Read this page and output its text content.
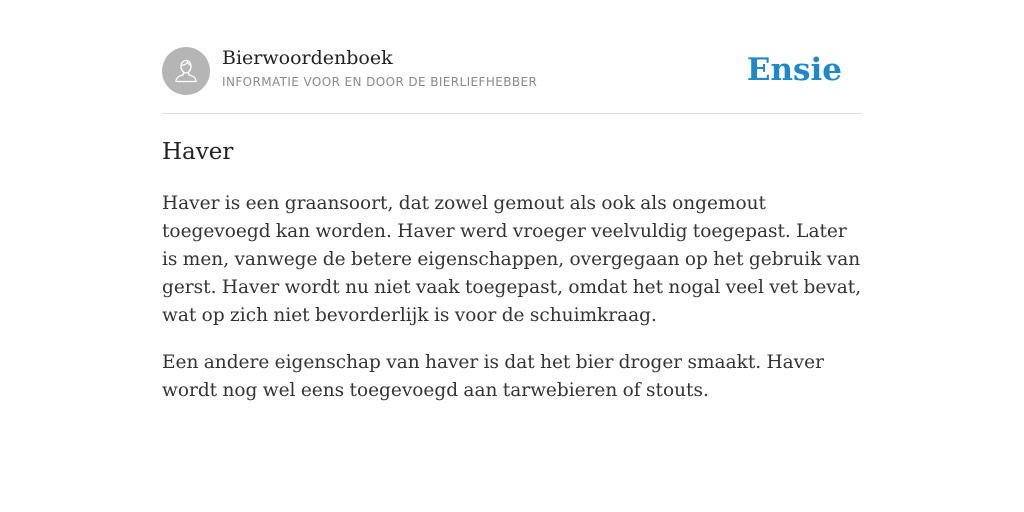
Bierwoordenboek
INFORMATIE VOOR EN DOOR DE BIERLIEFHEBBER	Ensie
Haver

Haver is een graansoort, dat zowel gemout als ook als ongemout toegevoegd kan worden. Haver werd vroeger veelvuldig toegepast. Later is men, vanwege de betere eigenschappen, overgegaan op het gebruik van gerst. Haver wordt nu niet vaak toegepast, omdat het nogal veel vet bevat, wat op zich niet bevorderlijk is voor de schuimkraag.

Een andere eigenschap van haver is dat het bier droger smaakt. Haver wordt nog wel eens toegevoegd aan tarwebieren of stouts.
